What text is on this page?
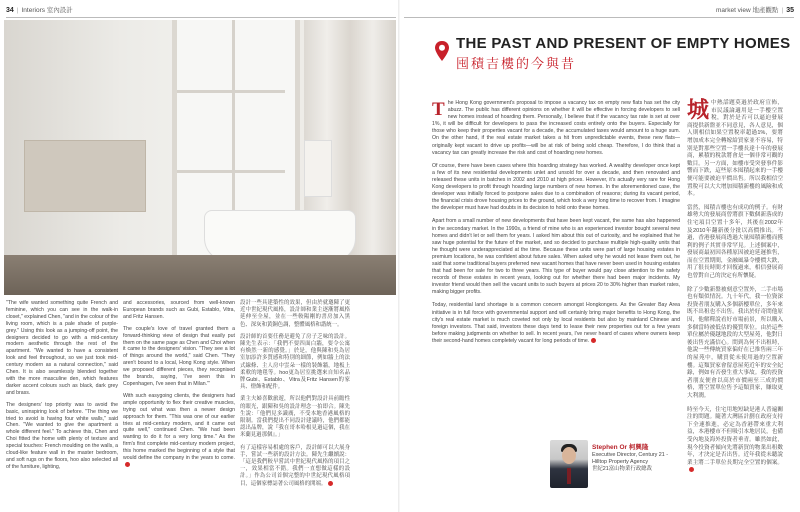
34 | Interiors 室內設計

"The wife wanted something quite French and feminine, which you can see in the walk-in closet," explained Chen, "and in the colour of the living room, which is a pale shade of purple-grey." Using this look as a jumping-off point, the designers decided to go with a mid-century modern aesthetic through the rest of the apartment. "We wanted to have a consistent look and feel throughout, so we just took mid-century modern as a natural connection," said Chen. It is also seamlessly blended together with the more masculine den, which features darker accent colours such as black, dark grey and brass.

The designers' top priority was to avoid the basic, uninspiring look of before. "The thing we tried to avoid is having four white walls," said Chen. "We wanted to give the apartment a whole different feel." To achieve this, Chen and Choi fitted the home with plenty of texture and special touches: French moulding on the walls, a cloud-like feature wall in the master bedroom, and soft rugs on the floors, hoo also selected all of the furniture, lighting,

and accessories, sourced from well-known European brands such as Gubi, Establo, Vitra, and Fritz Hansen.

The couple's love of travel granted them a forward-thinking view of design that easily put them on the same page as Chen and Choi when it came to the designers' vision. "They see a lot of things around the world," said Chen. "They aren't bound to a local, Hong Kong style. When we proposed different pieces, they recognised the brands, saying, 'I've seen this in Copenhagen, I've seen that in Milan.'"

With such easygoing clients, the designers had ample opportunity to flex their creative muscles, trying out what was then a newer design approach for them. "This was one of our earlier tries at mid-century modern, and it came out quite well," continued Chen. "We had been wanting to do it for a very long time." As the firm's first complete mid-century modern project, this home marked the beginning of a style that would define the company in the years to come.

設計一些具建築性的效果，但由於就邀陳了更近中世紀現代風格，設計師和業主逐漸將風格延伸至全屋，並在一些較陽剛的書房加入黑色、深灰和黃銅色調，整體風格和諧統一。

設計師的首要任務是避免了房子乏味的設計。陳先生表示：「我們不要四面白牆，要令公寓有煥然一新的感覺。」於是，他與陳和吳為居室加添許多質感和特別的細節，例如牆上的法式線條、主人房中雲朵一樣的裝飾牆，地板上柔軟的地毯等。hoo更為居室挑選來自知名品牌Gubi、Establo、Vitra及Fritz Hansen的家具、燈飾和配件。

業主夫婦喜歡旅遊，所以他們對設計具前瞻性的眼光，跟陳和吳的設計理念一拍即合。陳先生說：「他們見多識廣，不受本地香港風格的限制。當我們提出不同設計建議時，他們都能認出品牌，說『我在哥本哈根見過這個，我在米蘭見過那個』。」

有了這樣容易相處的客戶，設計師可以大展身手，嘗試一些新的設計方法。陳先生繼續說：「這是我們較早嘗試中世紀現代風格的項目之一，效果相當不錯。我們一直想做這樣的設計。」作為公司首個完整的中世紀現代風格項目，這個家標誌著公司風格的開端。

market view 地產觀點 | 35
THE PAST AND PRESENT OF EMPTY HOMES
囤積吉樓的今與昔

The Hong Kong government's proposal to impose a vacancy tax on empty new flats has set the city abuzz. The public has different opinions on whether it will be effective in forcing developers to sell new homes instead of hoarding them. Personally, I believe that if the vacancy tax rate is set at over 1%, it will be difficult for developers to pass the increased costs entirely onto the buyers. Especially for those who keep their properties vacant for a decade, the accumulated taxes would amount to a huge sum. On the other hand, if the real estate market takes a hit from unpredictable events, these new flats—originally kept vacant to drive up profits—will be at risk of being sold cheap. Therefore, I do think that a vacancy tax can greatly increase the risk and cost of hoarding new homes.

Of course, there have been cases where this hoarding strategy has worked. A wealthy developer once kept a few of its new residential developments unlet and unsold for over a decade, and then renovated and released these units in batches in 2002 and 2010 at high prices. However, it's actually very rare for Hong Kong developers to profit through hoarding large numbers of new homes. In the aforementioned case, the developer was initially forced to postpone sales due to a combination of reasons; during its vacant period, the financial crisis drove housing prices to the ground, which took a very long time to recover from. I imagine the developer must have had doubts in its decision to hold onto these homes.

Apart from a small number of new developments that have been kept vacant, the same has also happened in the secondary market. In the 1990s, a friend of mine who is an experienced investor bought several new homes and didn't let or sell them for years. I asked him about this out of curiosity, and he explained that he saw huge potential for the future of the market, and so decided to purchase multiple high-quality units that he thought were underappreciated at the time. Because these units were part of large housing estates in premium locations, he was confident about future sales. When asked why he would not lease them out, he said that some traditional buyers preferred new vacant homes that have never been used in housing estates that had been for sale for two to three years. This type of buyer would pay close attention to the safety records of these estates in recent years, looking out for whether there had been major incidents. My investor friend would then sell the vacant units to such buyers at prices 20 to 30% higher than market rates, making bigger profits.

Today, residential land shortage is a common concern amongst Hongkongers. As the Greater Bay Area initiative is in full force with governmental support and will certainly bring major benefits to Hong Kong, the city's real estate market is much coveted not only by local residents but also by mainland Chinese and foreign investors. That said, investors these days tend to lease their new properties out for a few years before making judgments on whether to sell. In recent years, I've never heard of cases where owners keep their second-hand homes completely vacant for long periods of time.

城中熱話題莫過於政府宣佈，市民議論適用是一手樓空置稅，對於是否可以逼迫發展商提供新盤並不同意見，各人意見，個人則相信如果空置稅率超過1%，要將增加成本完全轉嫁給買家並不容易，特別是對那些空置一手樓長達十年的發展商，累積的稅款將會是一個非常可觀的數目。另一方面，如樓市受突發事件影響而下跌，這些原本囤積起來的一手樓便可能要被迫平價出售。所以我相信空置稅可以大大增加囤積新樓的風險和成本。

當然，囤積吉樓也有成功的例子。有財雄勢大的發展商曾將旗下數個新落成的住宅項目空置十多年，其後在2002年及2010年翻新後分批以高價推出。不過，香港發展商透過大量囤積新樓而獲利的例子其實非常罕見。上述個案中，發展商最初因各種原因被迫延遲推售，而在空置期間，金融風暴令樓價大跌，用了很長時間才回復過來，相信發展商也曾對自己的決定有所懷疑。

除了少數新盤被刻意空置外，二手市場也有類似情況。九十年代，我一位資深投資者朋友購入多個新樓單位，多年來既不出租也不出售。我出於好奇問他原因，他解釋說看好市場前景，所以購入多個當時被低估的優質單位。由於這些單位屬於優越地段的大型屋苑，他對日後出售充滿信心。問到為何不出租時，他說一些傳統買家偏好在已推售兩三年的屋苑中，購買從未使用過的空置新樓。這類買家會留意屋苑近年的安全紀錄，例如有否發生重大事故。我的投資者朋友便會以高於市價兩至三成的價格，將空置單位售予這類買家，賺取更大利潤。

時至今天，住宅用地短缺是港人普遍關注的問題。隨著大灣區計劃在政府支持下全速推進，必定為香港帶來重大利益，本港樓市不但吸引本地居民，也備受內地及海外投資者垂青。雖然如此，現今投資者傾向先將新買的物業出租數年，才決定是否出售。近年我從未聽說業主將二手單位長期完全空置的個案。

Stephen Or 柯興隆
Executive Director, Century 21 -
Hilltop Property Agency
世紀21富山物業行政總裁
